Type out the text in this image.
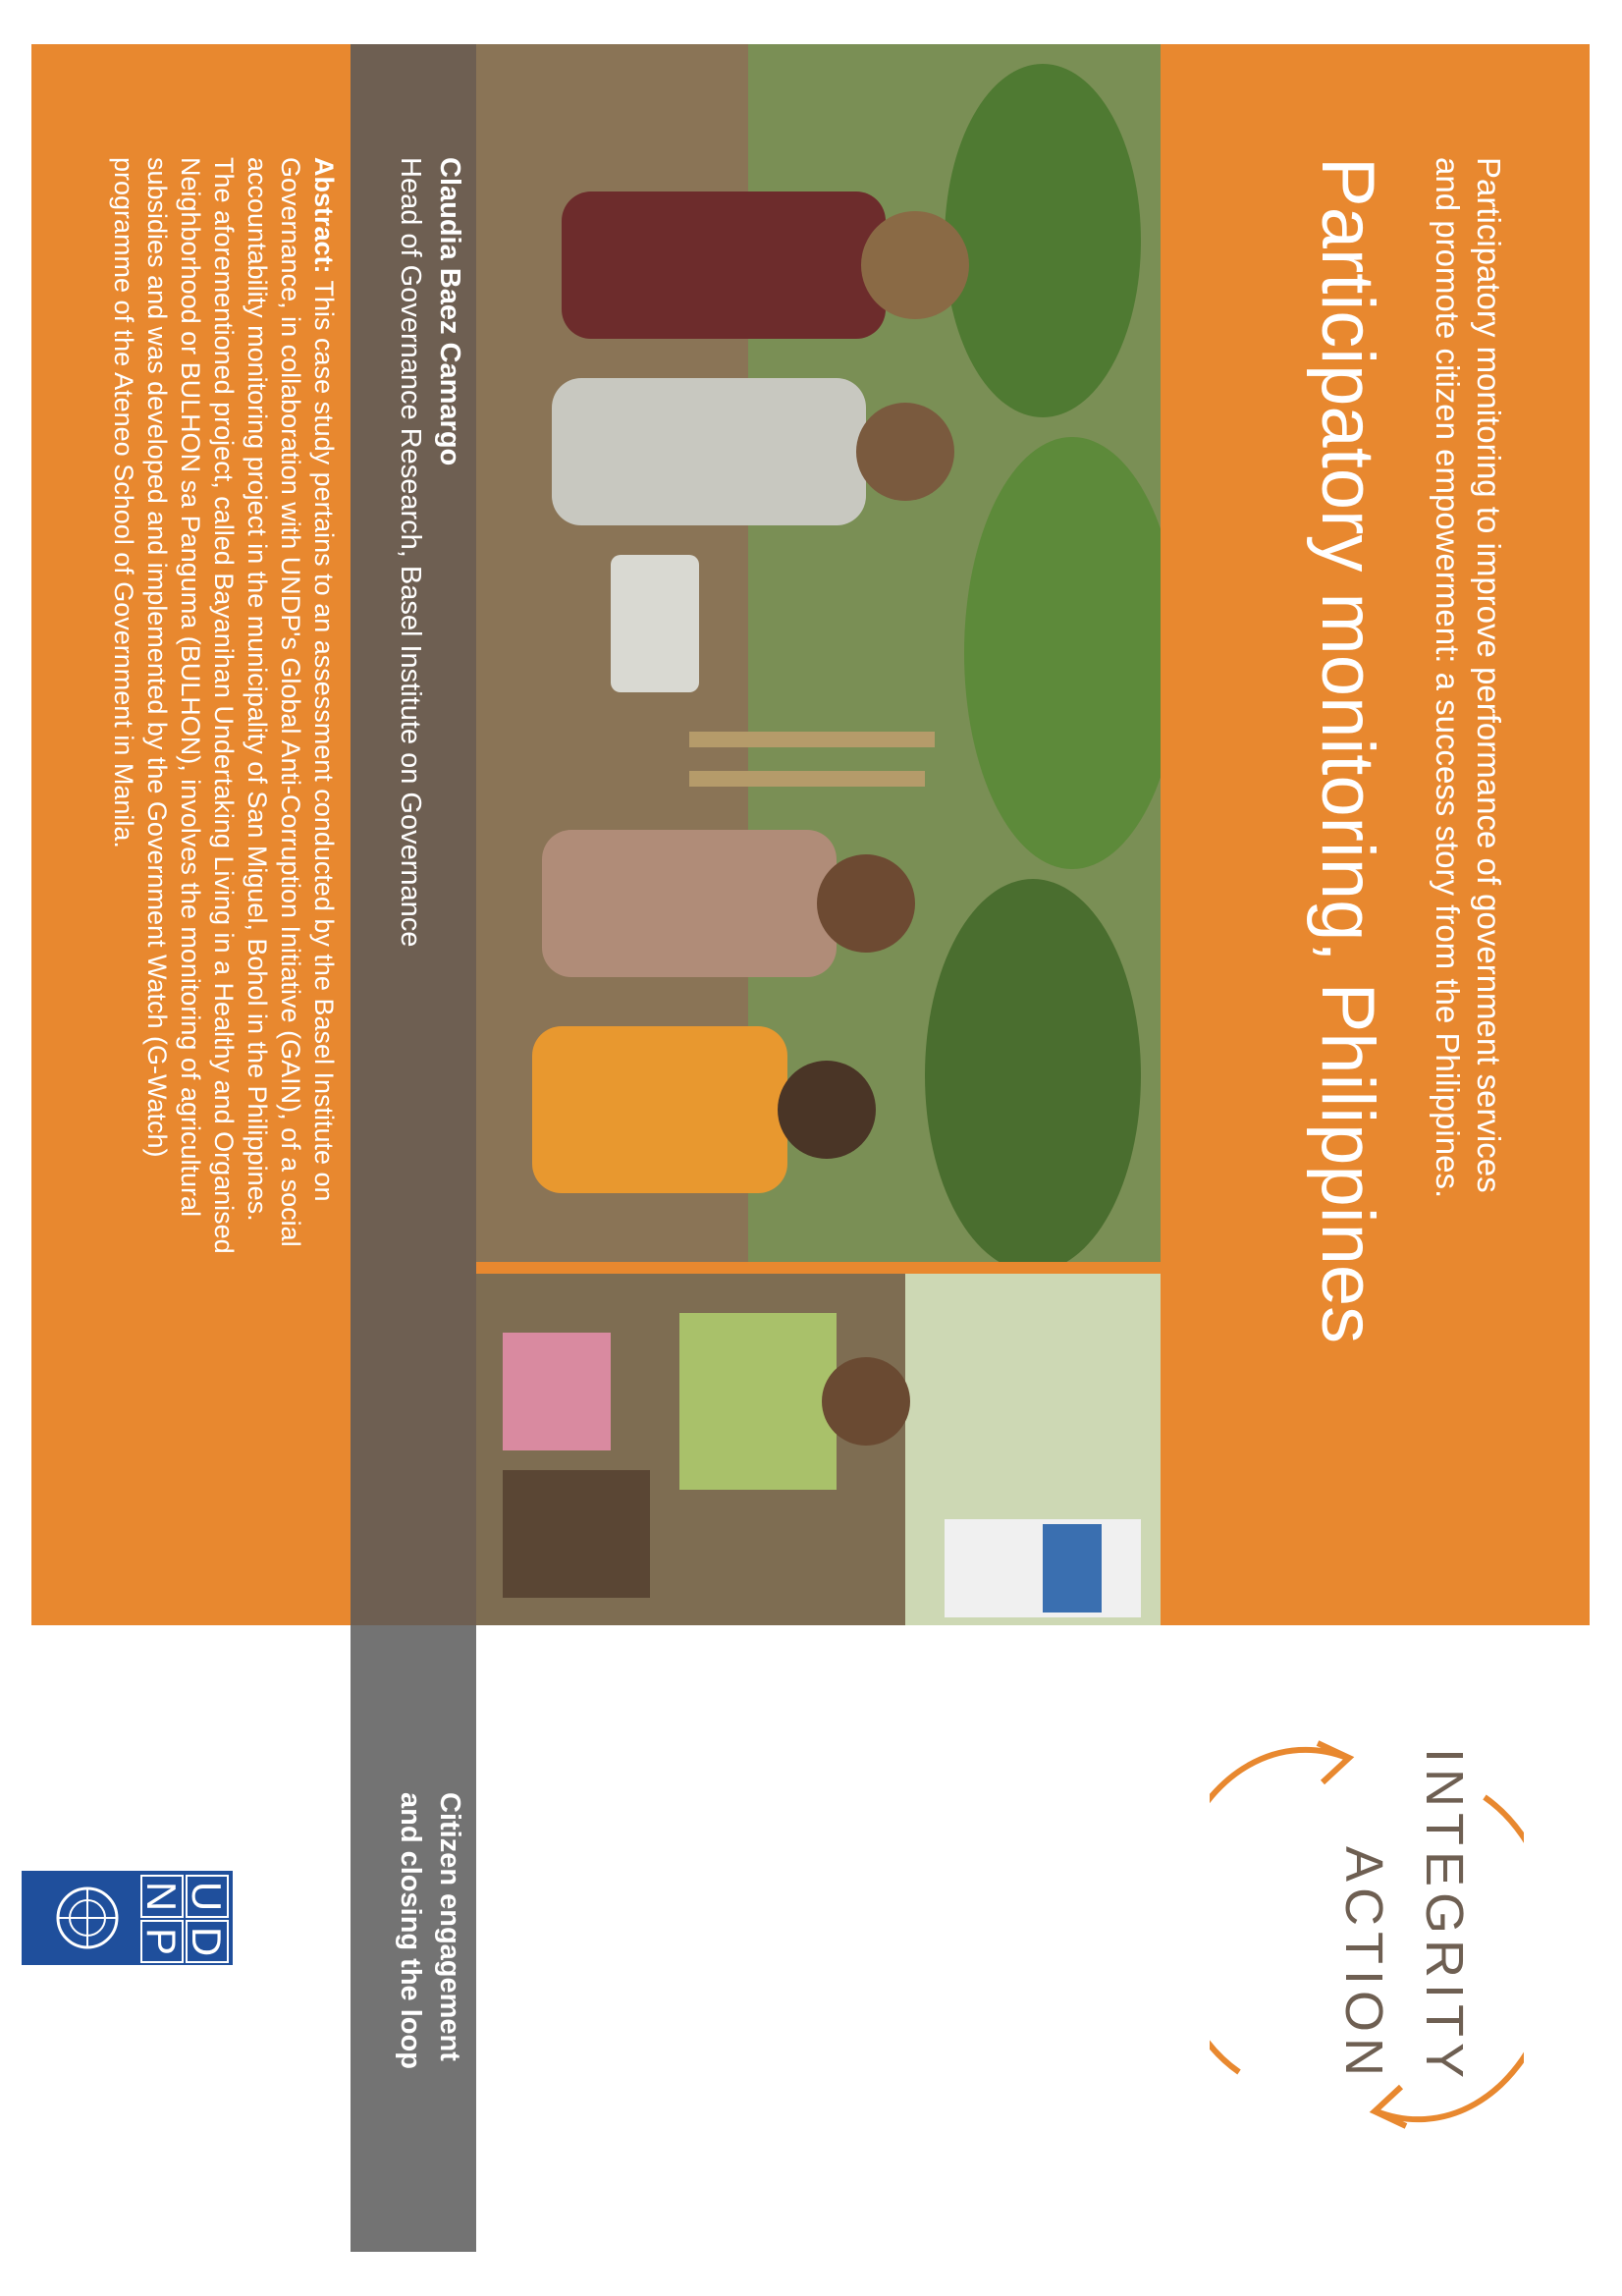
Participatory monitoring to improve performance of government services and promote citizen empowerment: a success story from the Philippines.
Participatory monitoring, Philippines
Claudia Baez Camargo
Head of Governance Research, Basel Institute on Governance
Abstract: This case study pertains to an assessment conducted by the Basel Institute on Governance, in collaboration with UNDP's Global Anti-Corruption Initiative (GAIN), of a social accountability monitoring project in the municipality of San Miguel, Bohol in the Philippines. The aforementioned project, called Bayanihan Undertaking Living in a Healthy and Organised Neighborhood or BULHON sa Panguma (BULHON), involves the monitoring of agricultural subsidies and was developed and implemented by the Government Watch (G-Watch) programme of the Ateneo School of Government in Manila.
Citizen engagement
and closing the loop	INTEGRITY
ACTION
U
N
D
P
